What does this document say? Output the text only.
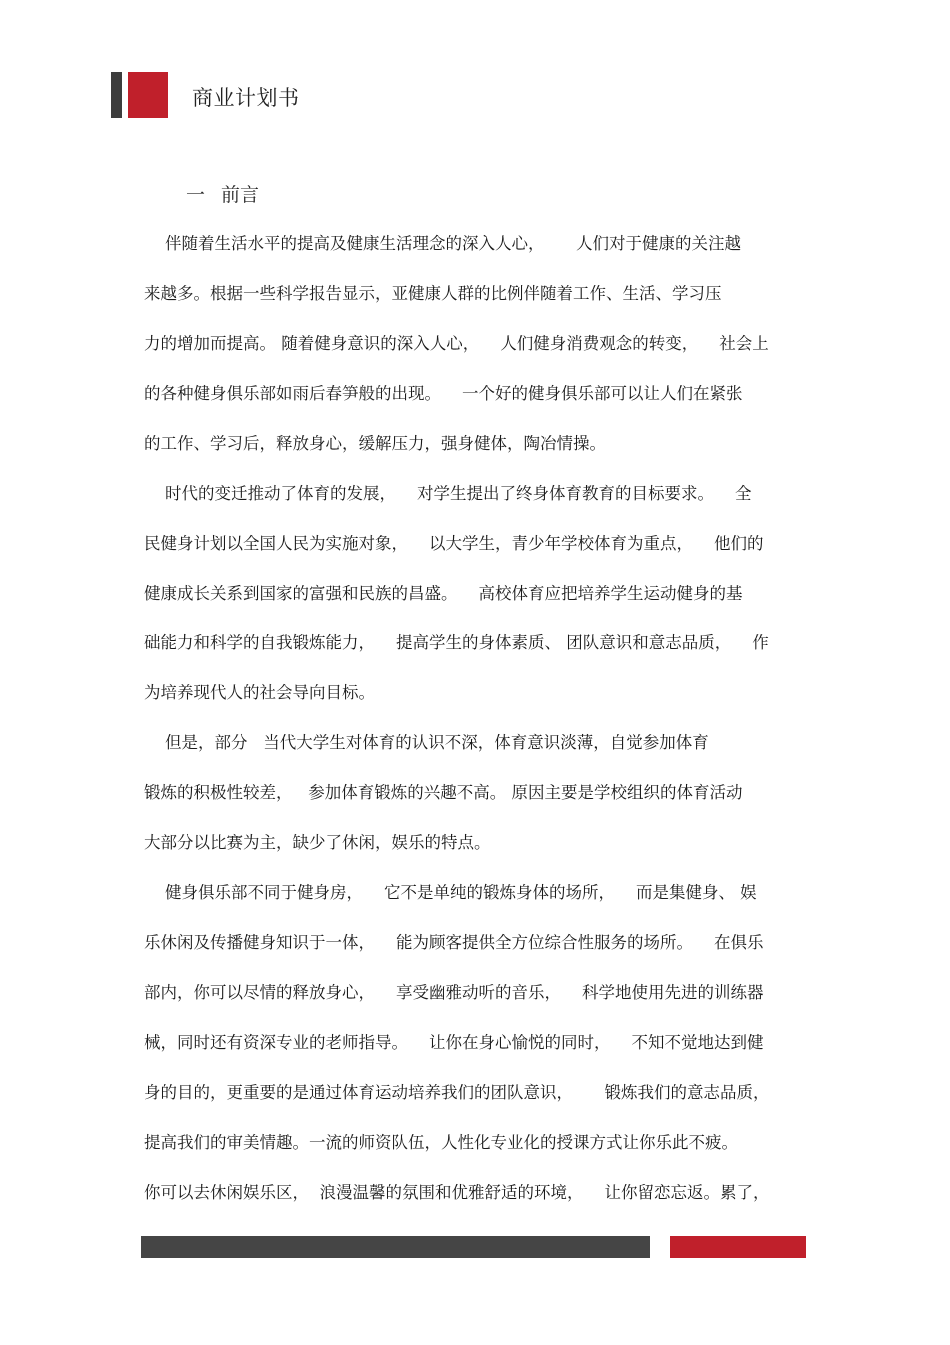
商业计划书
一 前言
伴随着生活水平的提高及健康生活理念的深入人心，      人们对于健康的关注越
来越多。根据一些科学报告显示，亚健康人群的比例伴随着工作、生活、学习压
力的增加而提高。 随着健身意识的深入人心，    人们健身消费观念的转变，    社会上
的各种健身俱乐部如雨后春笋般的出现。    一个好的健身俱乐部可以让人们在紧张
的工作、学习后，释放身心，缓解压力，强身健体，陶冶情操。
时代的变迁推动了体育的发展，    对学生提出了终身体育教育的目标要求。    全
民健身计划以全国人民为实施对象，    以大学生，青少年学校体育为重点，    他们的
健康成长关系到国家的富强和民族的昌盛。    高校体育应把培养学生运动健身的基
础能力和科学的自我锻炼能力，    提高学生的身体素质、 团队意识和意志品质，    作
为培养现代人的社会导向目标。
但是，部分   当代大学生对体育的认识不深，体育意识淡薄，自觉参加体育
锻炼的积极性较差，   参加体育锻炼的兴趣不高。 原因主要是学校组织的体育活动
大部分以比赛为主，缺少了休闲，娱乐的特点。
健身俱乐部不同于健身房，    它不是单纯的锻炼身体的场所，    而是集健身、 娱
乐休闲及传播健身知识于一体，    能为顾客提供全方位综合性服务的场所。    在俱乐
部内，你可以尽情的释放身心，    享受幽雅动听的音乐，    科学地使用先进的训练器
械，同时还有资深专业的老师指导。    让你在身心愉悦的同时，    不知不觉地达到健
身的目的，更重要的是通过体育运动培养我们的团队意识，      锻炼我们的意志品质，
提高我们的审美情趣。一流的师资队伍，人性化专业化的授课方式让你乐此不疲。
你可以去休闲娱乐区，  浪漫温馨的氛围和优雅舒适的环境，    让你留恋忘返。累了，
